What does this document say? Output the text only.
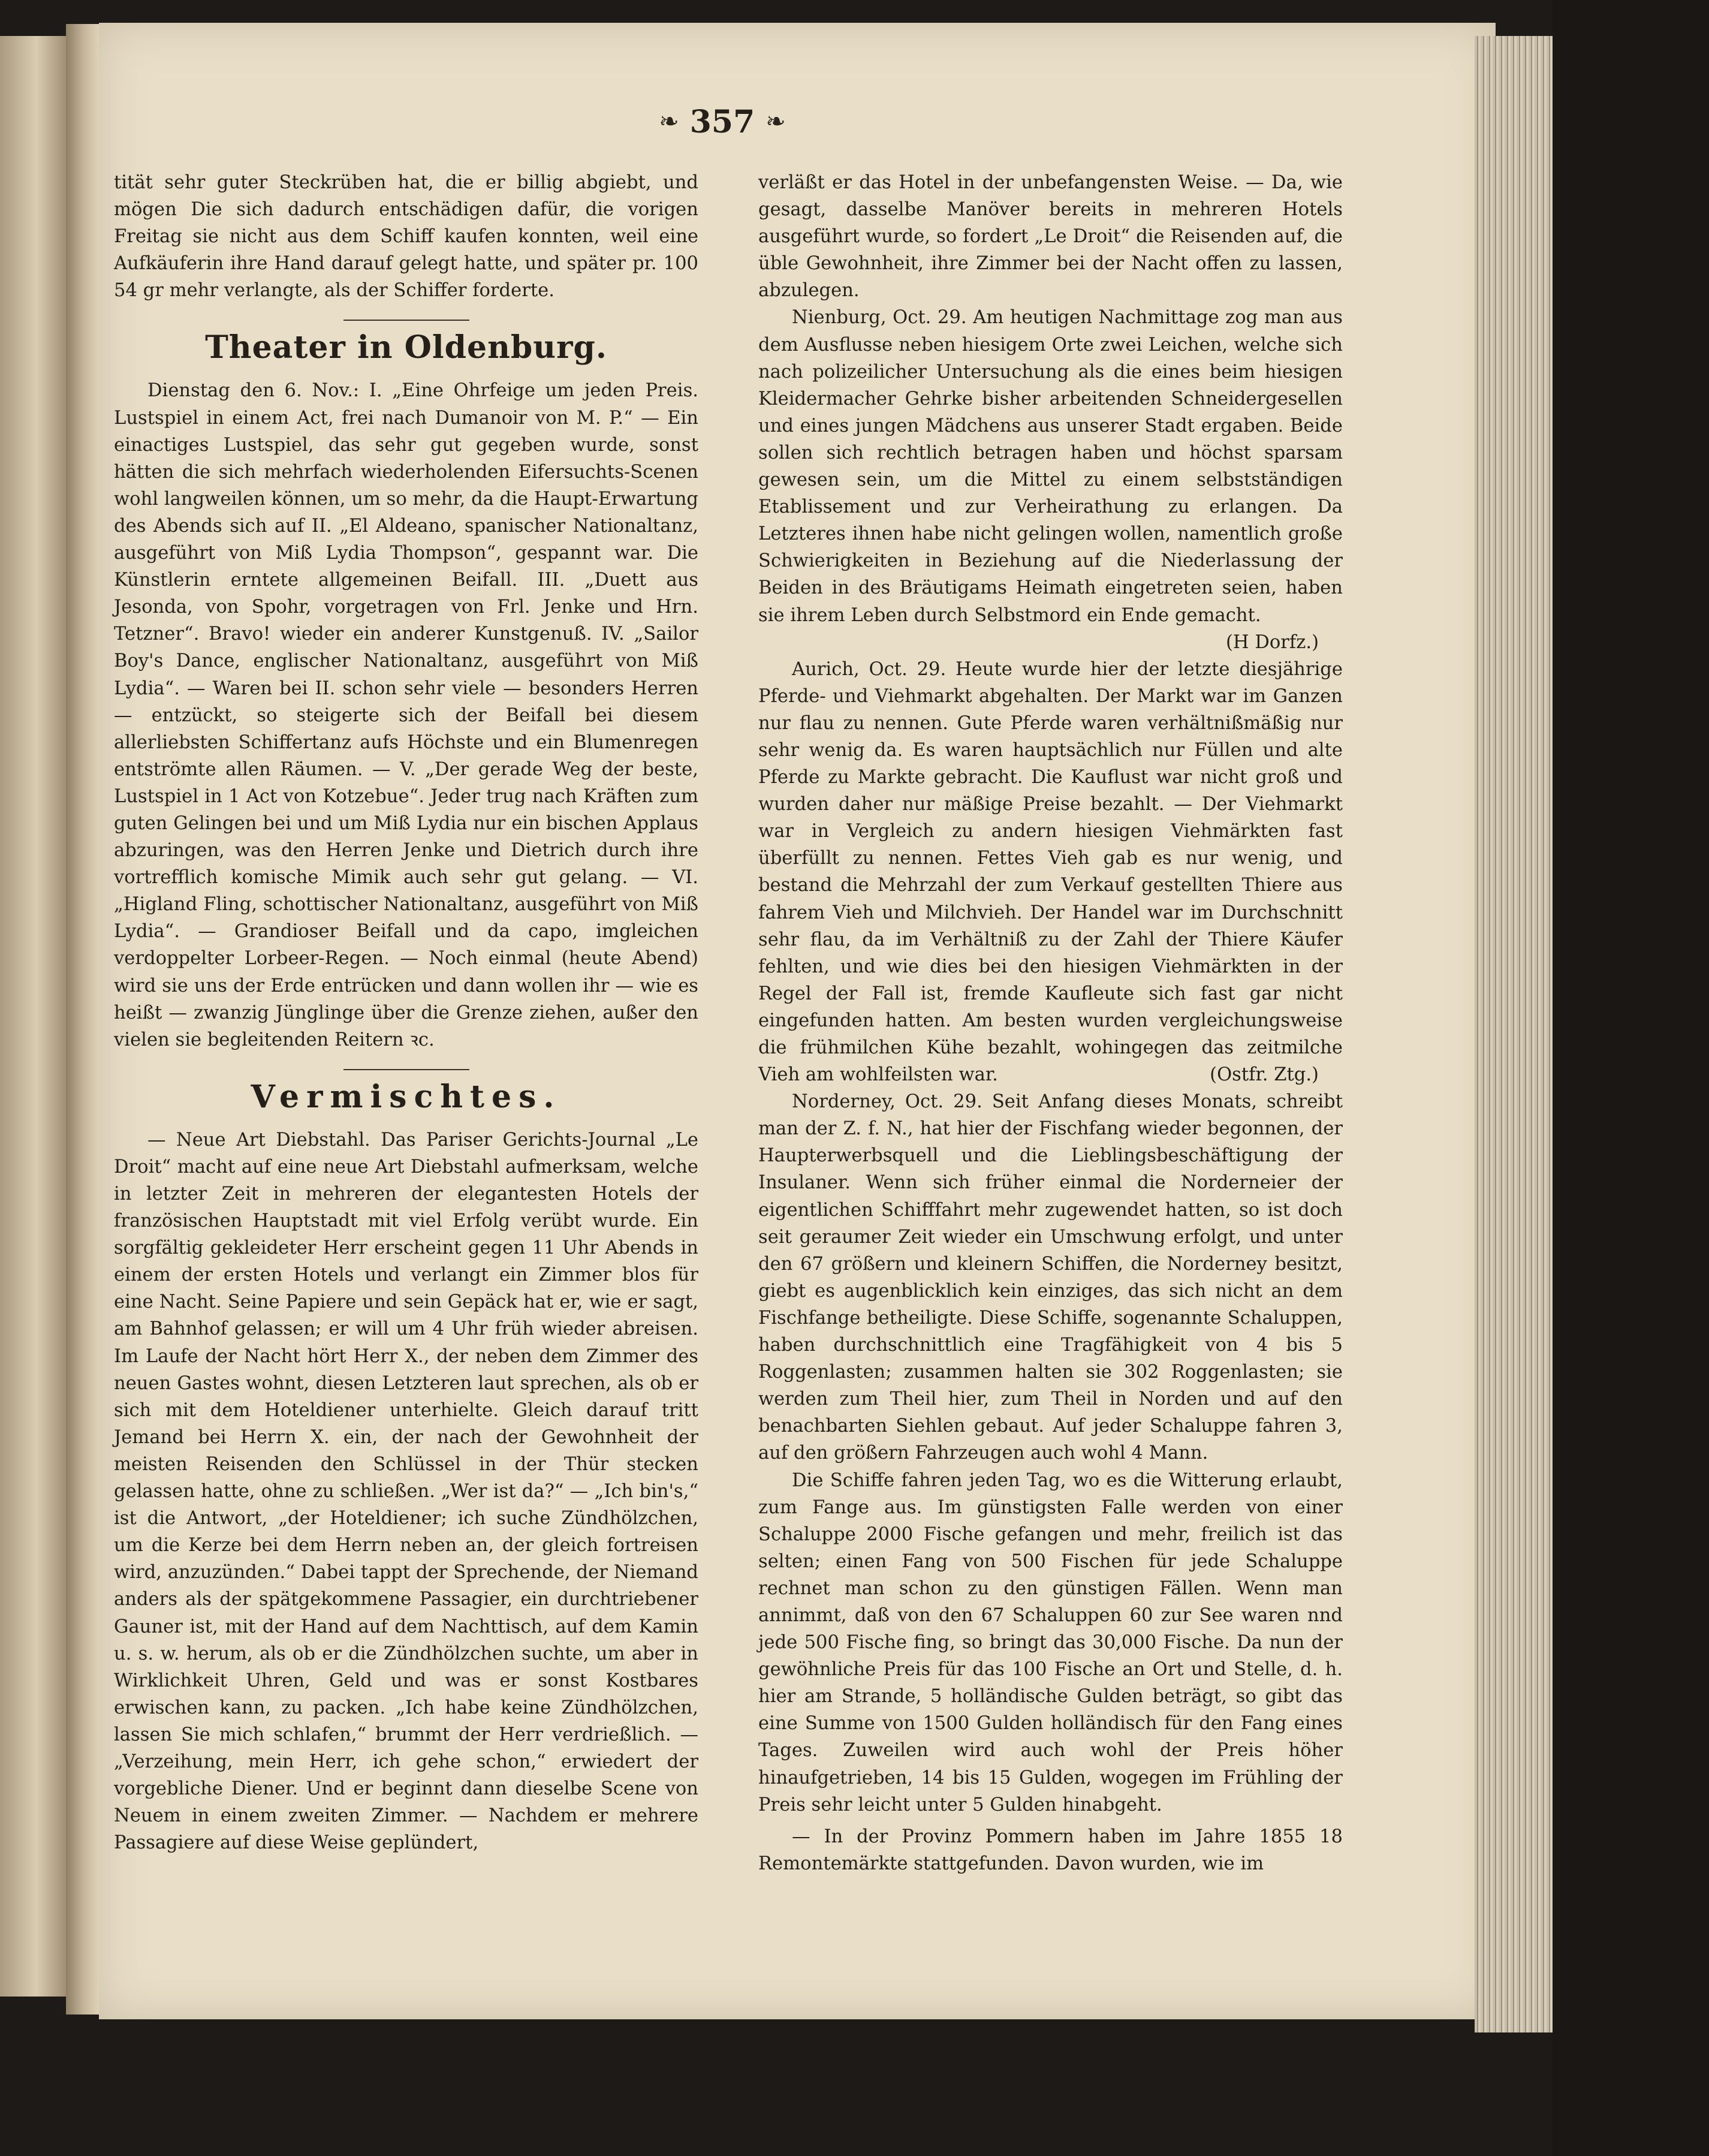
❧ 357 ❧

tität sehr guter Steckrüben hat, die er billig abgiebt, und mögen Die sich dadurch entschädigen dafür, die vorigen Freitag sie nicht aus dem Schiff kaufen konnten, weil eine Aufkäuferin ihre Hand darauf gelegt hatte, und später pr. 100 54 gr mehr verlangte, als der Schiffer forderte.

Theater in Oldenburg.

Dienstag den 6. Nov.: I. „Eine Ohrfeige um jeden Preis. Lustspiel in einem Act, frei nach Dumanoir von M. P.“ — Ein einactiges Lustspiel, das sehr gut gegeben wurde, sonst hätten die sich mehrfach wiederholenden Eifersuchts-Scenen wohl langweilen können, um so mehr, da die Haupt-Erwartung des Abends sich auf II. „El Aldeano, spanischer Nationaltanz, ausgeführt von Miß Lydia Thompson“, gespannt war. Die Künstlerin erntete allgemeinen Beifall. III. „Duett aus Jesonda, von Spohr, vorgetragen von Frl. Jenke und Hrn. Tetzner“. Bravo! wieder ein anderer Kunstgenuß. IV. „Sailor Boy's Dance, englischer Nationaltanz, ausgeführt von Miß Lydia“. — Waren bei II. schon sehr viele — besonders Herren — entzückt, so steigerte sich der Beifall bei diesem allerliebsten Schiffertanz aufs Höchste und ein Blumenregen entströmte allen Räumen. — V. „Der gerade Weg der beste, Lustspiel in 1 Act von Kotzebue“. Jeder trug nach Kräften zum guten Gelingen bei und um Miß Lydia nur ein bischen Applaus abzuringen, was den Herren Jenke und Dietrich durch ihre vortrefflich komische Mimik auch sehr gut gelang. — VI. „Higland Fling, schottischer Nationaltanz, ausgeführt von Miß Lydia“. — Grandioser Beifall und da capo, imgleichen verdoppelter Lorbeer-Regen. — Noch einmal (heute Abend) wird sie uns der Erde entrücken und dann wollen ihr — wie es heißt — zwanzig Jünglinge über die Grenze ziehen, außer den vielen sie begleitenden Reitern ꝛc.

Vermischtes.

— Neue Art Diebstahl. Das Pariser Gerichts-Journal „Le Droit“ macht auf eine neue Art Diebstahl aufmerksam, welche in letzter Zeit in mehreren der elegantesten Hotels der französischen Hauptstadt mit viel Erfolg verübt wurde. Ein sorgfältig gekleideter Herr erscheint gegen 11 Uhr Abends in einem der ersten Hotels und verlangt ein Zimmer blos für eine Nacht. Seine Papiere und sein Gepäck hat er, wie er sagt, am Bahnhof gelassen; er will um 4 Uhr früh wieder abreisen. Im Laufe der Nacht hört Herr X., der neben dem Zimmer des neuen Gastes wohnt, diesen Letzteren laut sprechen, als ob er sich mit dem Hoteldiener unterhielte. Gleich darauf tritt Jemand bei Herrn X. ein, der nach der Gewohnheit der meisten Reisenden den Schlüssel in der Thür stecken gelassen hatte, ohne zu schließen. „Wer ist da?“ — „Ich bin's,“ ist die Antwort, „der Hoteldiener; ich suche Zündhölzchen, um die Kerze bei dem Herrn neben an, der gleich fortreisen wird, anzuzünden.“ Dabei tappt der Sprechende, der Niemand anders als der spätgekommene Passagier, ein durchtriebener Gauner ist, mit der Hand auf dem Nachttisch, auf dem Kamin u. s. w. herum, als ob er die Zündhölzchen suchte, um aber in Wirklichkeit Uhren, Geld und was er sonst Kostbares erwischen kann, zu packen. „Ich habe keine Zündhölzchen, lassen Sie mich schlafen,“ brummt der Herr verdrießlich. — „Verzeihung, mein Herr, ich gehe schon,“ erwiedert der vorgebliche Diener. Und er beginnt dann dieselbe Scene von Neuem in einem zweiten Zimmer. — Nachdem er mehrere Passagiere auf diese Weise geplündert,

verläßt er das Hotel in der unbefangensten Weise. — Da, wie gesagt, dasselbe Manöver bereits in mehreren Hotels ausgeführt wurde, so fordert „Le Droit“ die Reisenden auf, die üble Gewohnheit, ihre Zimmer bei der Nacht offen zu lassen, abzulegen.

Nienburg, Oct. 29. Am heutigen Nachmittage zog man aus dem Ausflusse neben hiesigem Orte zwei Leichen, welche sich nach polizeilicher Untersuchung als die eines beim hiesigen Kleidermacher Gehrke bisher arbeitenden Schneidergesellen und eines jungen Mädchens aus unserer Stadt ergaben. Beide sollen sich rechtlich betragen haben und höchst sparsam gewesen sein, um die Mittel zu einem selbstständigen Etablissement und zur Verheirathung zu erlangen. Da Letzteres ihnen habe nicht gelingen wollen, namentlich große Schwierigkeiten in Beziehung auf die Niederlassung der Beiden in des Bräutigams Heimath eingetreten seien, haben sie ihrem Leben durch Selbstmord ein Ende gemacht.
(H Dorfz.)

Aurich, Oct. 29. Heute wurde hier der letzte diesjährige Pferde- und Viehmarkt abgehalten. Der Markt war im Ganzen nur flau zu nennen. Gute Pferde waren verhältnißmäßig nur sehr wenig da. Es waren hauptsächlich nur Füllen und alte Pferde zu Markte gebracht. Die Kauflust war nicht groß und wurden daher nur mäßige Preise bezahlt. — Der Viehmarkt war in Vergleich zu andern hiesigen Viehmärkten fast überfüllt zu nennen. Fettes Vieh gab es nur wenig, und bestand die Mehrzahl der zum Verkauf gestellten Thiere aus fahrem Vieh und Milchvieh. Der Handel war im Durchschnitt sehr flau, da im Verhältniß zu der Zahl der Thiere Käufer fehlten, und wie dies bei den hiesigen Viehmärkten in der Regel der Fall ist, fremde Kaufleute sich fast gar nicht eingefunden hatten. Am besten wurden vergleichungsweise die frühmilchen Kühe bezahlt, wohingegen das zeitmilche Vieh am wohlfeilsten war.	(Ostfr. Ztg.)

Norderney, Oct. 29. Seit Anfang dieses Monats, schreibt man der Z. f. N., hat hier der Fischfang wieder begonnen, der Haupterwerbsquell und die Lieblingsbeschäftigung der Insulaner. Wenn sich früher einmal die Norderneier der eigentlichen Schifffahrt mehr zugewendet hatten, so ist doch seit geraumer Zeit wieder ein Umschwung erfolgt, und unter den 67 größern und kleinern Schiffen, die Norderney besitzt, giebt es augenblicklich kein einziges, das sich nicht an dem Fischfange betheiligte. Diese Schiffe, sogenannte Schaluppen, haben durchschnittlich eine Tragfähigkeit von 4 bis 5 Roggenlasten; zusammen halten sie 302 Roggenlasten; sie werden zum Theil hier, zum Theil in Norden und auf den benachbarten Siehlen gebaut. Auf jeder Schaluppe fahren 3, auf den größern Fahrzeugen auch wohl 4 Mann.

Die Schiffe fahren jeden Tag, wo es die Witterung erlaubt, zum Fange aus. Im günstigsten Falle werden von einer Schaluppe 2000 Fische gefangen und mehr, freilich ist das selten; einen Fang von 500 Fischen für jede Schaluppe rechnet man schon zu den günstigen Fällen. Wenn man annimmt, daß von den 67 Schaluppen 60 zur See waren nnd jede 500 Fische fing, so bringt das 30,000 Fische. Da nun der gewöhnliche Preis für das 100 Fische an Ort und Stelle, d. h. hier am Strande, 5 holländische Gulden beträgt, so gibt das eine Summe von 1500 Gulden holländisch für den Fang eines Tages. Zuweilen wird auch wohl der Preis höher hinaufgetrieben, 14 bis 15 Gulden, wogegen im Frühling der Preis sehr leicht unter 5 Gulden hinabgeht.

— In der Provinz Pommern haben im Jahre 1855 18 Remontemärkte stattgefunden. Davon wurden, wie im
